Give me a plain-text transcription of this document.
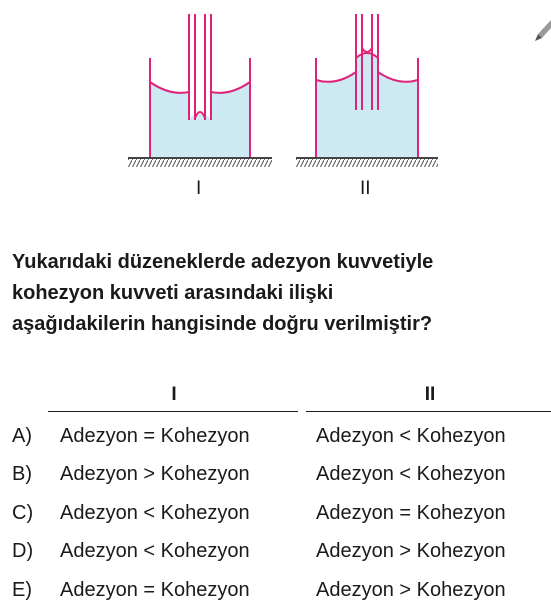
I	II
Yukarıdaki düzeneklerde adezyon kuvvetiyle
kohezyon kuvveti arasındaki ilişki
aşağıdakilerin hangisinde doğru verilmiştir?
I	II
A) Adezyon = Kohezyon	Adezyon < Kohezyon
B) Adezyon > Kohezyon	Adezyon < Kohezyon
C) Adezyon < Kohezyon	Adezyon = Kohezyon
D) Adezyon < Kohezyon	Adezyon > Kohezyon
E) Adezyon = Kohezyon	Adezyon > Kohezyon
